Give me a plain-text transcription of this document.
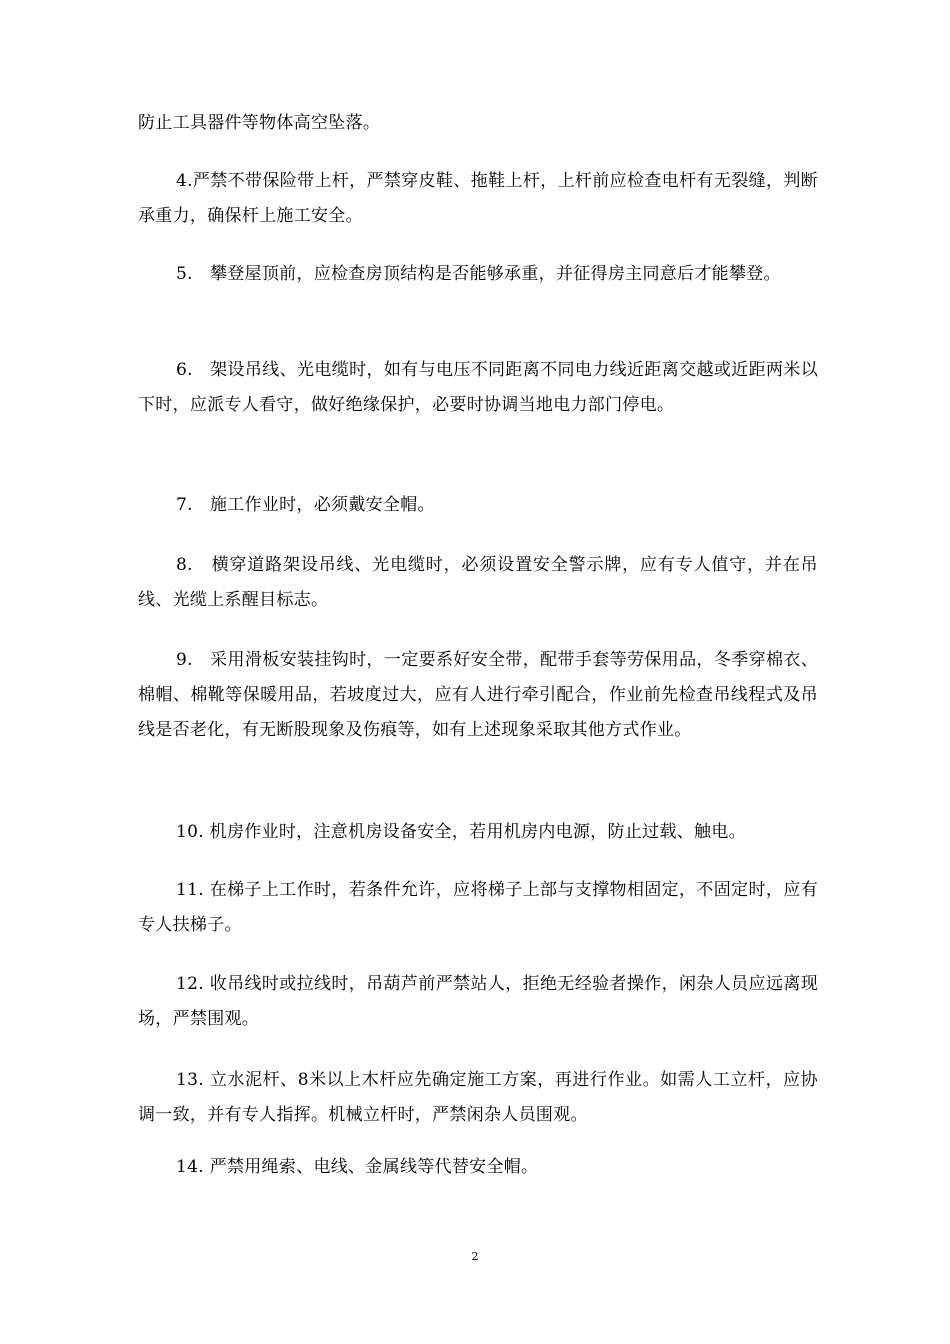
防止工具器件等物体高空坠落。

4.严禁不带保险带上杆，严禁穿皮鞋、拖鞋上杆，上杆前应检查电杆有无裂缝，判断承重力，确保杆上施工安全。

5. 攀登屋顶前，应检查房顶结构是否能够承重，并征得房主同意后才能攀登。

6. 架设吊线、光电缆时，如有与电压不同距离不同电力线近距离交越或近距两米以下时，应派专人看守，做好绝缘保护，必要时协调当地电力部门停电。

7. 施工作业时，必须戴安全帽。

8. 横穿道路架设吊线、光电缆时，必须设置安全警示牌，应有专人值守，并在吊线、光缆上系醒目标志。

9. 采用滑板安装挂钩时，一定要系好安全带，配带手套等劳保用品，冬季穿棉衣、棉帽、棉靴等保暖用品，若坡度过大，应有人进行牵引配合，作业前先检查吊线程式及吊线是否老化，有无断股现象及伤痕等，如有上述现象采取其他方式作业。

10. 机房作业时，注意机房设备安全，若用机房内电源，防止过载、触电。

11. 在梯子上工作时，若条件允许，应将梯子上部与支撑物相固定，不固定时，应有专人扶梯子。

12. 收吊线时或拉线时，吊葫芦前严禁站人，拒绝无经验者操作，闲杂人员应远离现场，严禁围观。

13. 立水泥杆、8米以上木杆应先确定施工方案，再进行作业。如需人工立杆，应协调一致，并有专人指挥。机械立杆时，严禁闲杂人员围观。

14. 严禁用绳索、电线、金属线等代替安全帽。

2
